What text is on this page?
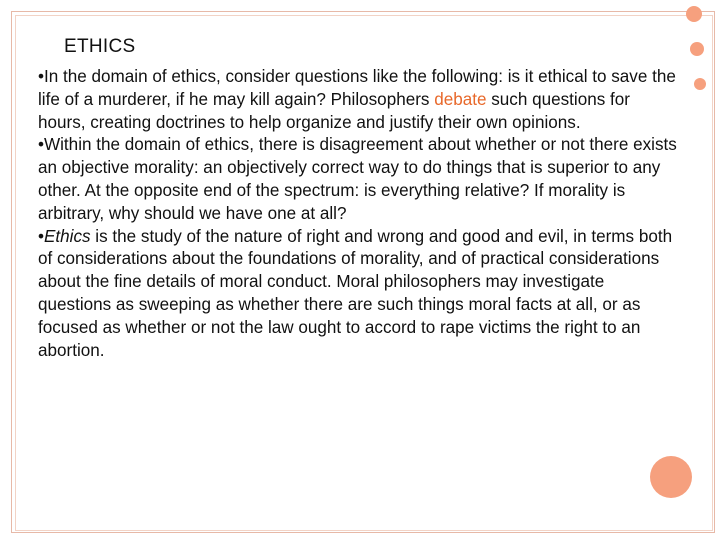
ETHICS

•In the domain of ethics, consider questions like the following: is it ethical to save the life of a murderer, if he may kill again? Philosophers debate such questions for hours, creating doctrines to help organize and justify their own opinions.

•Within the domain of ethics, there is disagreement about whether or not there exists an objective morality: an objectively correct way to do things that is superior to any other. At the opposite end of the spectrum: is everything relative? If morality is arbitrary, why should we have one at all?

•Ethics is the study of the nature of right and wrong and good and evil, in terms both of considerations about the foundations of morality, and of practical considerations about the fine details of moral conduct. Moral philosophers may investigate questions as sweeping as whether there are such things moral facts at all, or as focused as whether or not the law ought to accord to rape victims the right to an abortion.
